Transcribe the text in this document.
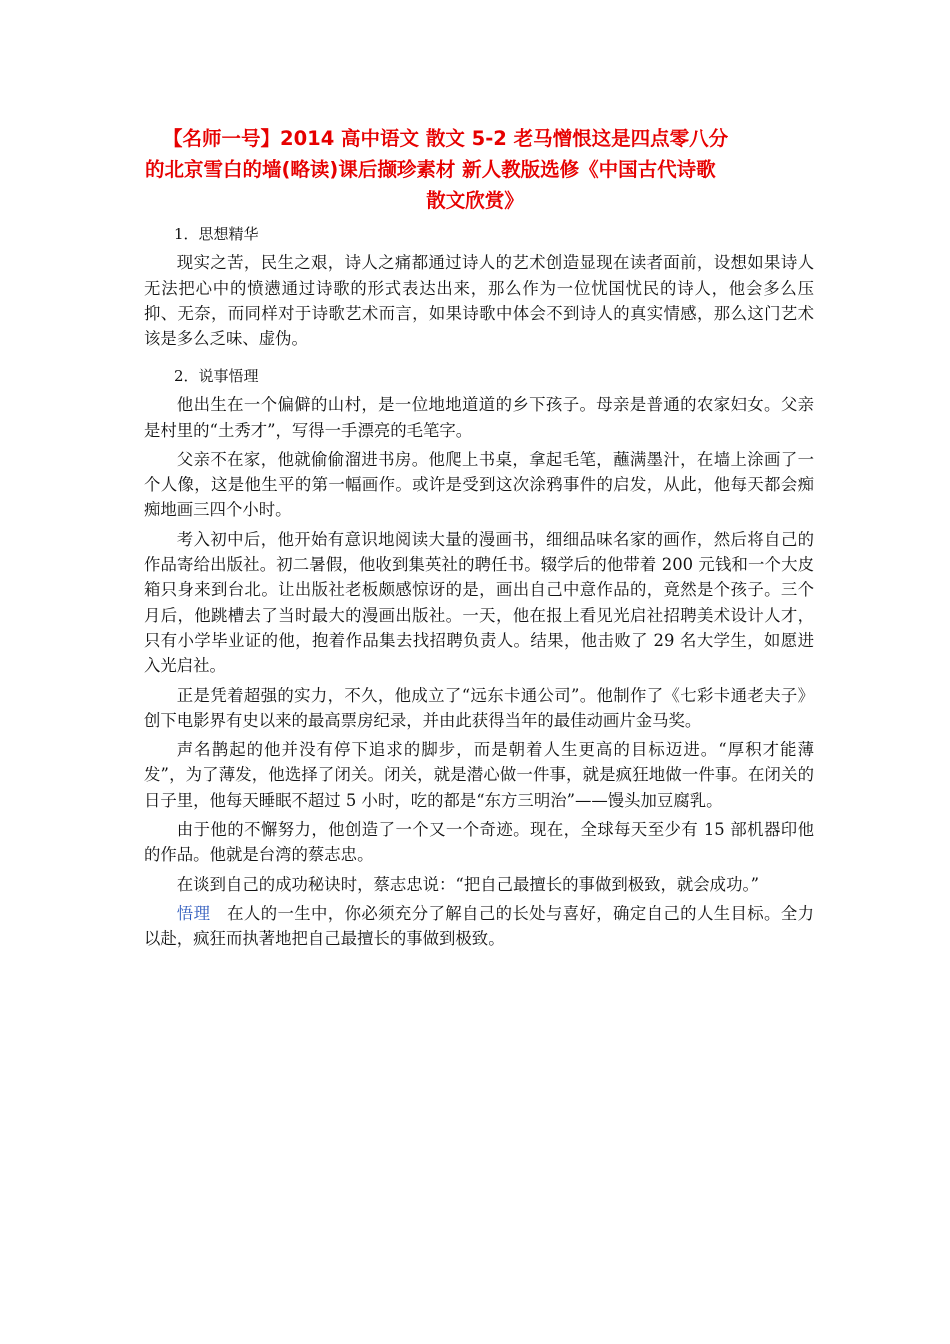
【名师一号】2014 高中语文 散文 5-2 老马憎恨这是四点零八分
的北京雪白的墙(略读)课后撷珍素材 新人教版选修《中国古代诗歌
散文欣赏》

1．思想精华

现实之苦，民生之艰，诗人之痛都通过诗人的艺术创造显现在读者面前，设想如果诗人无法把心中的愤懑通过诗歌的形式表达出来，那么作为一位忧国忧民的诗人，他会多么压抑、无奈，而同样对于诗歌艺术而言，如果诗歌中体会不到诗人的真实情感，那么这门艺术该是多么乏味、虚伪。

2．说事悟理

他出生在一个偏僻的山村，是一位地地道道的乡下孩子。母亲是普通的农家妇女。父亲是村里的“土秀才”，写得一手漂亮的毛笔字。

父亲不在家，他就偷偷溜进书房。他爬上书桌，拿起毛笔，蘸满墨汁，在墙上涂画了一个人像，这是他生平的第一幅画作。或许是受到这次涂鸦事件的启发，从此，他每天都会痴痴地画三四个小时。

考入初中后，他开始有意识地阅读大量的漫画书，细细品味名家的画作，然后将自己的作品寄给出版社。初二暑假，他收到集英社的聘任书。辍学后的他带着 200 元钱和一个大皮箱只身来到台北。让出版社老板颇感惊讶的是，画出自己中意作品的，竟然是个孩子。三个月后，他跳槽去了当时最大的漫画出版社。一天，他在报上看见光启社招聘美术设计人才，只有小学毕业证的他，抱着作品集去找招聘负责人。结果，他击败了 29 名大学生，如愿进入光启社。

正是凭着超强的实力，不久，他成立了“远东卡通公司”。他制作了《七彩卡通老夫子》创下电影界有史以来的最高票房纪录，并由此获得当年的最佳动画片金马奖。

声名鹊起的他并没有停下追求的脚步，而是朝着人生更高的目标迈进。“厚积才能薄发”，为了薄发，他选择了闭关。闭关，就是潜心做一件事，就是疯狂地做一件事。在闭关的日子里，他每天睡眠不超过 5 小时，吃的都是“东方三明治”——馒头加豆腐乳。

由于他的不懈努力，他创造了一个又一个奇迹。现在，全球每天至少有 15 部机器印他的作品。他就是台湾的蔡志忠。

在谈到自己的成功秘诀时，蔡志忠说：“把自己最擅长的事做到极致，就会成功。”

悟理　在人的一生中，你必须充分了解自己的长处与喜好，确定自己的人生目标。全力以赴，疯狂而执著地把自己最擅长的事做到极致。
